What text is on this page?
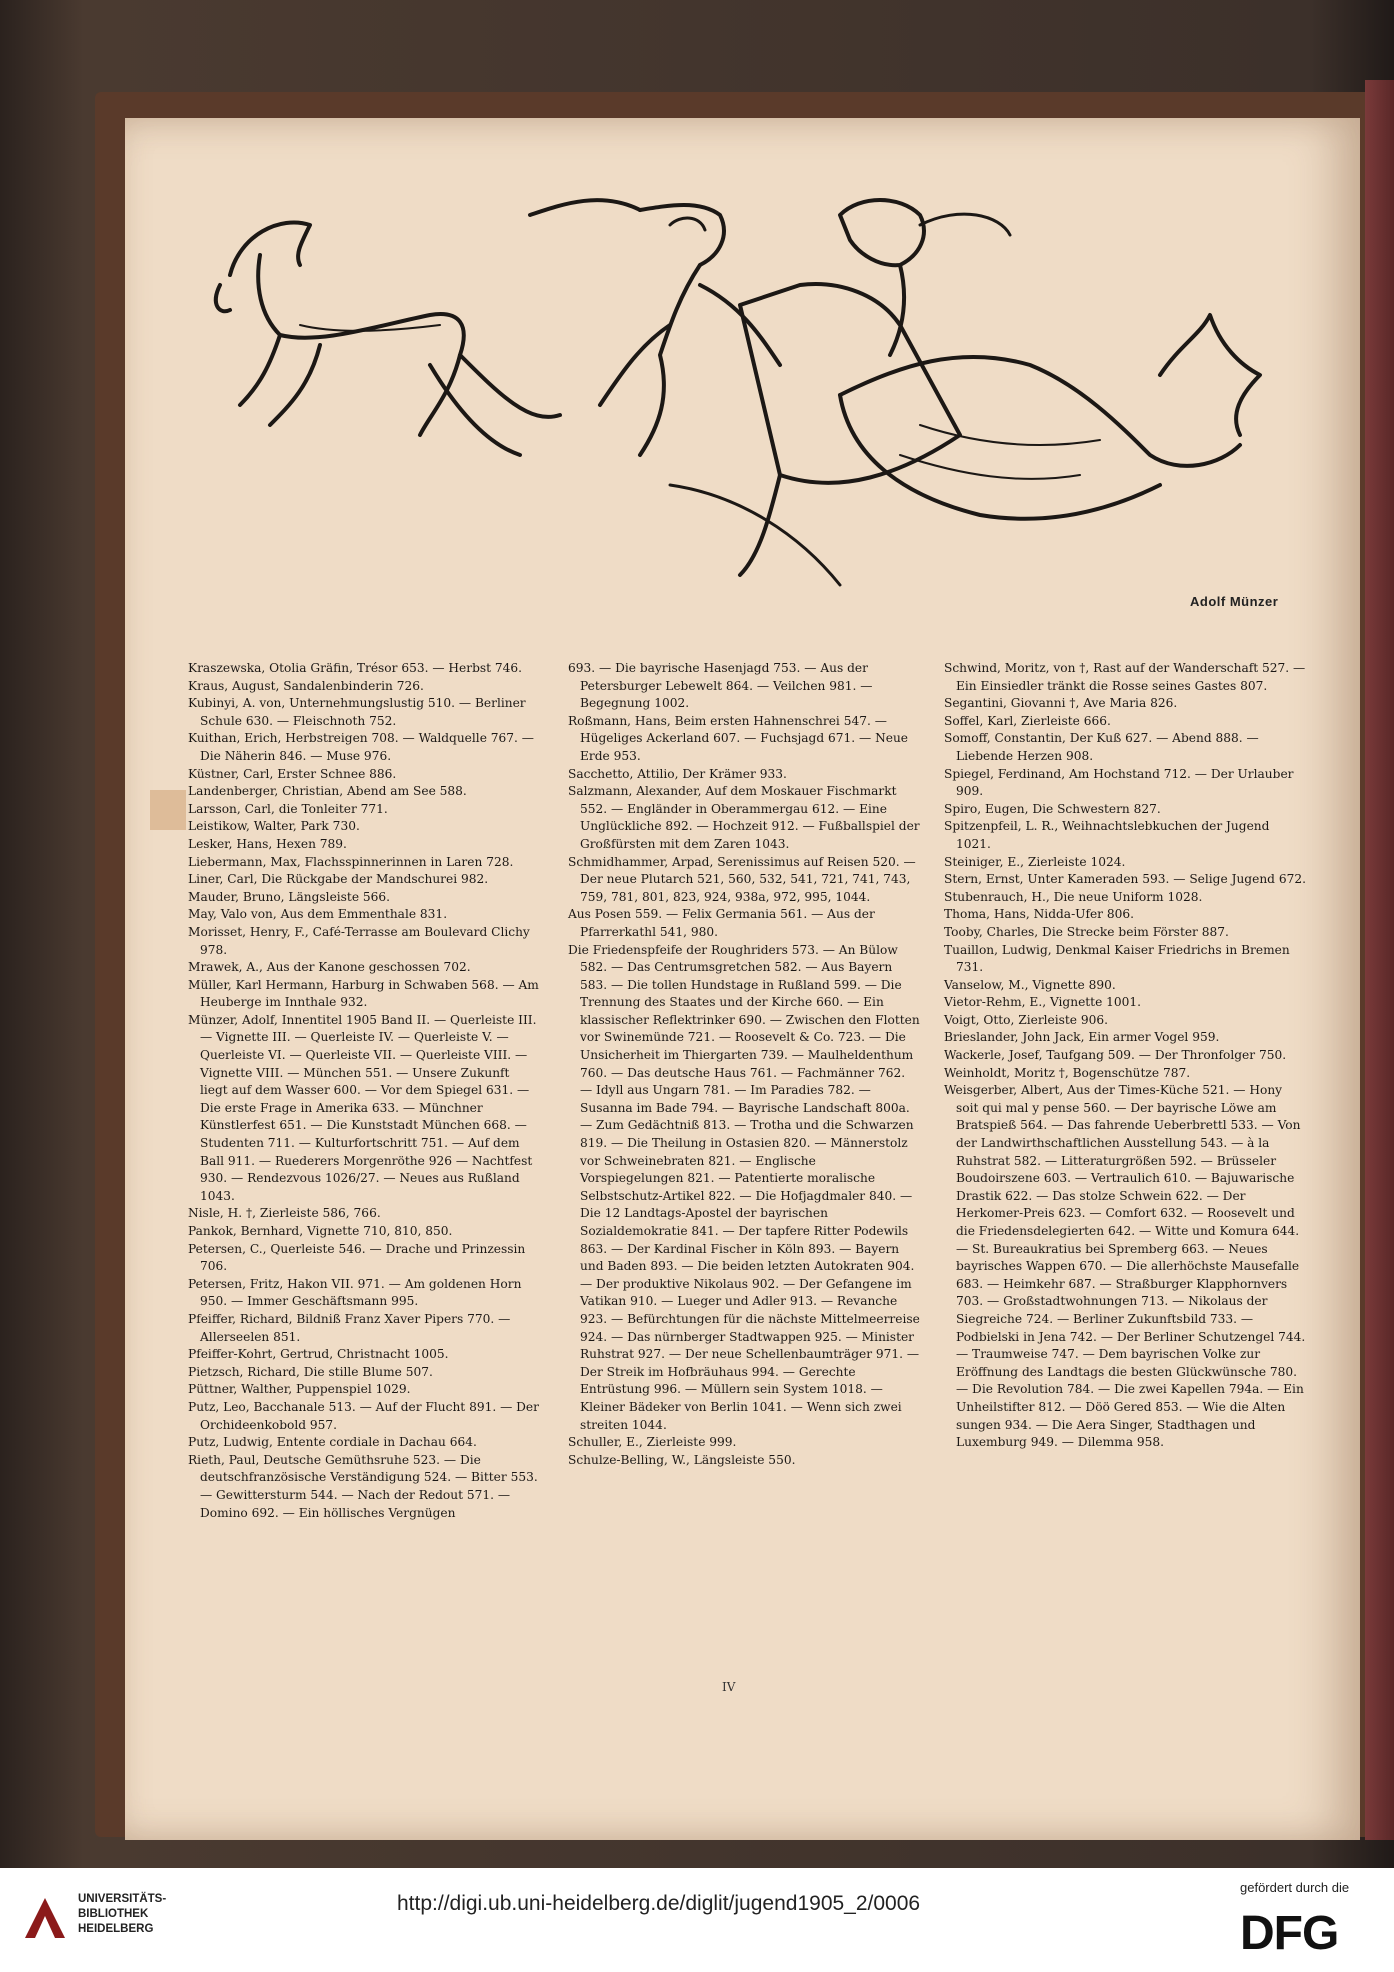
Adolf Münzer
Kraszewska, Otolia Gräfin, Trésor 653. — Herbst 746.
Kraus, August, Sandalenbinderin 726.
Kubinyi, A. von, Unternehmungslustig 510. — Berliner Schule 630. — Fleischnoth 752.
Kuithan, Erich, Herbstreigen 708. — Waldquelle 767. — Die Näherin 846. — Muse 976.
Küstner, Carl, Erster Schnee 886.
Landenberger, Christian, Abend am See 588.
Larsson, Carl, die Tonleiter 771.
Leistikow, Walter, Park 730.
Lesker, Hans, Hexen 789.
Liebermann, Max, Flachsspinnerinnen in Laren 728.
Liner, Carl, Die Rückgabe der Mandschurei 982.
Mauder, Bruno, Längsleiste 566.
May, Valo von, Aus dem Emmenthale 831.
Morisset, Henry, F., Café-Terrasse am Boulevard Clichy 978.
Mrawek, A., Aus der Kanone geschossen 702.
Müller, Karl Hermann, Harburg in Schwaben 568. — Am Heuberge im Innthale 932.
Münzer, Adolf, Innentitel 1905 Band II. — Querleiste III. — Vignette III. — Querleiste IV. — Querleiste V. — Querleiste VI. — Querleiste VII. — Querleiste VIII. — Vignette VIII. — München 551. — Unsere Zukunft liegt auf dem Wasser 600. — Vor dem Spiegel 631. — Die erste Frage in Amerika 633. — Münchner Künstlerfest 651. — Die Kunststadt München 668. — Studenten 711. — Kulturfortschritt 751. — Auf dem Ball 911. — Ruederers Morgenröthe 926 — Nachtfest 930. — Rendezvous 1026/27. — Neues aus Rußland 1043.
Nisle, H. †, Zierleiste 586, 766.
Pankok, Bernhard, Vignette 710, 810, 850.
Petersen, C., Querleiste 546. — Drache und Prinzessin 706.
Petersen, Fritz, Hakon VII. 971. — Am goldenen Horn 950. — Immer Geschäftsmann 995.
Pfeiffer, Richard, Bildniß Franz Xaver Pipers 770. — Allerseelen 851.
Pfeiffer-Kohrt, Gertrud, Christnacht 1005.
Pietzsch, Richard, Die stille Blume 507.
Püttner, Walther, Puppenspiel 1029.
Putz, Leo, Bacchanale 513. — Auf der Flucht 891. — Der Orchideenkobold 957.
Putz, Ludwig, Entente cordiale in Dachau 664.
Rieth, Paul, Deutsche Gemüthsruhe 523. — Die deutschfranzösische Verständigung 524. — Bitter 553. — Gewittersturm 544. — Nach der Redout 571. — Domino 692. — Ein höllisches Vergnügen
693. — Die bayrische Hasenjagd 753. — Aus der Petersburger Lebewelt 864. — Veilchen 981. — Begegnung 1002.
Roßmann, Hans, Beim ersten Hahnenschrei 547. — Hügeliges Ackerland 607. — Fuchsjagd 671. — Neue Erde 953.
Sacchetto, Attilio, Der Krämer 933.
Salzmann, Alexander, Auf dem Moskauer Fischmarkt 552. — Engländer in Oberammergau 612. — Eine Unglückliche 892. — Hochzeit 912. — Fußballspiel der Großfürsten mit dem Zaren 1043.
Schmidhammer, Arpad, Serenissimus auf Reisen 520. — Der neue Plutarch 521, 560, 532, 541, 721, 741, 743, 759, 781, 801, 823, 924, 938a, 972, 995, 1044.
Aus Posen 559. — Felix Germania 561. — Aus der Pfarrerkathl 541, 980.
Die Friedenspfeife der Roughriders 573. — An Bülow 582. — Das Centrumsgretchen 582. — Aus Bayern 583. — Die tollen Hundstage in Rußland 599. — Die Trennung des Staates und der Kirche 660. — Ein klassischer Reflektrinker 690. — Zwischen den Flotten vor Swinemünde 721. — Roosevelt & Co. 723. — Die Unsicherheit im Thiergarten 739. — Maulheldenthum 760. — Das deutsche Haus 761. — Fachmänner 762. — Idyll aus Ungarn 781. — Im Paradies 782. — Susanna im Bade 794. — Bayrische Landschaft 800a. — Zum Gedächtniß 813. — Trotha und die Schwarzen 819. — Die Theilung in Ostasien 820. — Männerstolz vor Schweinebraten 821. — Englische Vorspiegelungen 821. — Patentierte moralische Selbstschutz-Artikel 822. — Die Hofjagdmaler 840. — Die 12 Landtags-Apostel der bayrischen Sozialdemokratie 841. — Der tapfere Ritter Podewils 863. — Der Kardinal Fischer in Köln 893. — Bayern und Baden 893. — Die beiden letzten Autokraten 904. — Der produktive Nikolaus 902. — Der Gefangene im Vatikan 910. — Lueger und Adler 913. — Revanche 923. — Befürchtungen für die nächste Mittelmeerreise 924. — Das nürnberger Stadtwappen 925. — Minister Ruhstrat 927. — Der neue Schellenbaumträger 971. — Der Streik im Hofbräuhaus 994. — Gerechte Entrüstung 996. — Müllern sein System 1018. — Kleiner Bädeker von Berlin 1041. — Wenn sich zwei streiten 1044.
Schuller, E., Zierleiste 999.
Schulze-Belling, W., Längsleiste 550.
Schwind, Moritz, von †, Rast auf der Wanderschaft 527. — Ein Einsiedler tränkt die Rosse seines Gastes 807.
Segantini, Giovanni †, Ave Maria 826.
Soffel, Karl, Zierleiste 666.
Somoff, Constantin, Der Kuß 627. — Abend 888. — Liebende Herzen 908.
Spiegel, Ferdinand, Am Hochstand 712. — Der Urlauber 909.
Spiro, Eugen, Die Schwestern 827.
Spitzenpfeil, L. R., Weihnachtslebkuchen der Jugend 1021.
Steiniger, E., Zierleiste 1024.
Stern, Ernst, Unter Kameraden 593. — Selige Jugend 672.
Stubenrauch, H., Die neue Uniform 1028.
Thoma, Hans, Nidda-Ufer 806.
Tooby, Charles, Die Strecke beim Förster 887.
Tuaillon, Ludwig, Denkmal Kaiser Friedrichs in Bremen 731.
Vanselow, M., Vignette 890.
Vietor-Rehm, E., Vignette 1001.
Voigt, Otto, Zierleiste 906.
Brieslander, John Jack, Ein armer Vogel 959.
Wackerle, Josef, Taufgang 509. — Der Thronfolger 750.
Weinholdt, Moritz †, Bogenschütze 787.
Weisgerber, Albert, Aus der Times-Küche 521. — Hony soit qui mal y pense 560. — Der bayrische Löwe am Bratspieß 564. — Das fahrende Ueberbrettl 533. — Von der Landwirthschaftlichen Ausstellung 543. — à la Ruhstrat 582. — Litteraturgrößen 592. — Brüsseler Boudoirszene 603. — Vertraulich 610. — Bajuwarische Drastik 622. — Das stolze Schwein 622. — Der Herkomer-Preis 623. — Comfort 632. — Roosevelt und die Friedensdelegierten 642. — Witte und Komura 644. — St. Bureaukratius bei Spremberg 663. — Neues bayrisches Wappen 670. — Die allerhöchste Mausefalle 683. — Heimkehr 687. — Straßburger Klapphornvers 703. — Großstadtwohnungen 713. — Nikolaus der Siegreiche 724. — Berliner Zukunftsbild 733. — Podbielski in Jena 742. — Der Berliner Schutzengel 744. — Traumweise 747. — Dem bayrischen Volke zur Eröffnung des Landtags die besten Glückwünsche 780. — Die Revolution 784. — Die zwei Kapellen 794a. — Ein Unheilstifter 812. — Döö Gered 853. — Wie die Alten sungen 934. — Die Aera Singer, Stadthagen und Luxemburg 949. — Dilemma 958.
IV
UNIVERSITÄTS-
BIBLIOTHEK
HEIDELBERG
http://digi.ub.uni-heidelberg.de/diglit/jugend1905_2/0006
gefördert durch die
DFG
